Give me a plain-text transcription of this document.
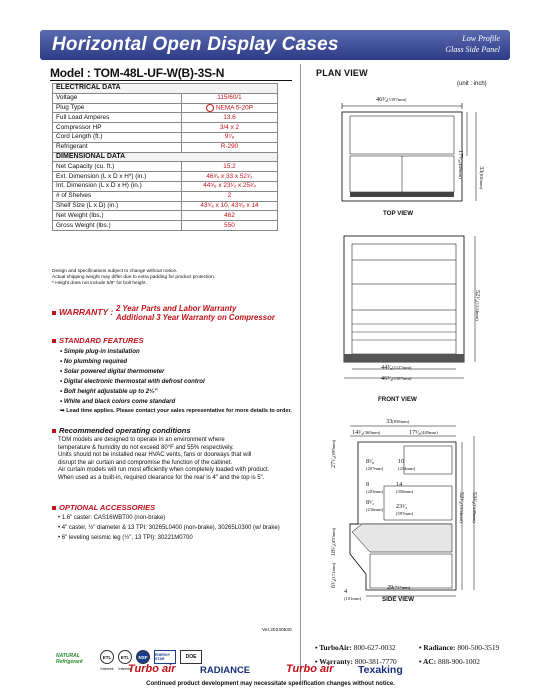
Horizontal Open Display Cases	Low Profile
Glass Side Panel
Model : TOM-48L-UF-W(B)-3S-N
ELECTRICAL DATA	
Voltage	115/60/1
Plug Type	NEMA 5-20P
Full Load Amperes	13.6
Compressor HP	3/4 x 2
Cord Length (ft.)	9⁷⁄₈
Refrigerant	R-290
DIMENSIONAL DATA	
Net Capacity (cu. ft.)	15.2
Ext. Dimension (L x D x H*) (in.)	46³⁄₄ x 33 x 52¹⁄₂
Int. Dimension (L x D x H) (in.)	44⁵⁄₈ x 23¹⁄₂ x 25¹⁄₄
# of Shelves	2
Shelf Size (L x D) (in.)	43⁵⁄₈ x 10, 43⁵⁄₈ x 14
Net Weight (lbs.)	462
Gross Weight (lbs.)	550
Design and specifications subject to change without notice.
Actual shipping weight may differ due to extra padding for product protection.
* Height does not include 5/8" for bolt height.
WARRANTY : 2 Year Parts and Labor Warranty
Additional 3 Year Warranty on Compressor
STANDARD FEATURES
• Simple plug-in installation
• No plumbing required
• Solar powered digital thermometer
• Digital electronic thermostat with defrost control
• Bolt height adjustable up to 2¹⁄₈"
• White and black colors come standard
➡ Lead time applies. Please contact your sales representative for more details to order.
Recommended operating conditions
TOM models are designed to operate in an environment where
temperature & humidity do not exceed 80°F and 55% respectively.
Units should not be installed near HVAC vents, fans or doorways that will
disrupt the air curtain and compromise the function of the cabinet.
Air curtain models will run most efficiently when completely loaded with product.
When used as a built-in, required clearance for the rear is 4" and the top is 5".
OPTIONAL ACCESSORIES
• 1.6" caster: CAS16WBT00 (non-brake)
• 4" caster, ½" diameter & 13 TPI: 30265L0400 (non-brake), 30265L0300 (w/ brake)
• 6" leveling seismic leg (½", 13 TPI): 30221M0700
PLAN VIEW
(unit : inch)
46³⁄₄(1187mm)
17⁵⁄₈(449mm) 33(838mm)
TOP VIEW
52¹⁄₂(1334mm)
44³⁄₈(1127mm)
46³⁄₄(1187mm)
FRONT VIEW
33(838mm)
14¹⁄₂(369mm)	17⁵⁄₈(449mm)
8¹⁄₈
(207mm)
10
(254mm)
8
(203mm)
14
(356mm)
8¹⁄₂
(216mm) 23¹⁄₂
(597mm)
27¹⁄₂(699mm)
18¹⁄₂(470mm)
6³⁄₄(171mm)
4
(101mm)
52¹⁄₂(1334mm)
53¹⁄₈(1349mm)
29(737mm)
SIDE VIEW
Ver.20240530
NATURAL
Refrigerant
ETL	ETL
Intertek	Intertek
NSF	ENERGY STAR	DOE
• TurboAir: 800-627-0032	• Radiance: 800-500-3519
• Warranty: 800-381-7770	• AC: 888-900-1002
Turbo air	RADIANCE	Turbo air Texaking
Continued product development may necessitate specification changes without notice.
